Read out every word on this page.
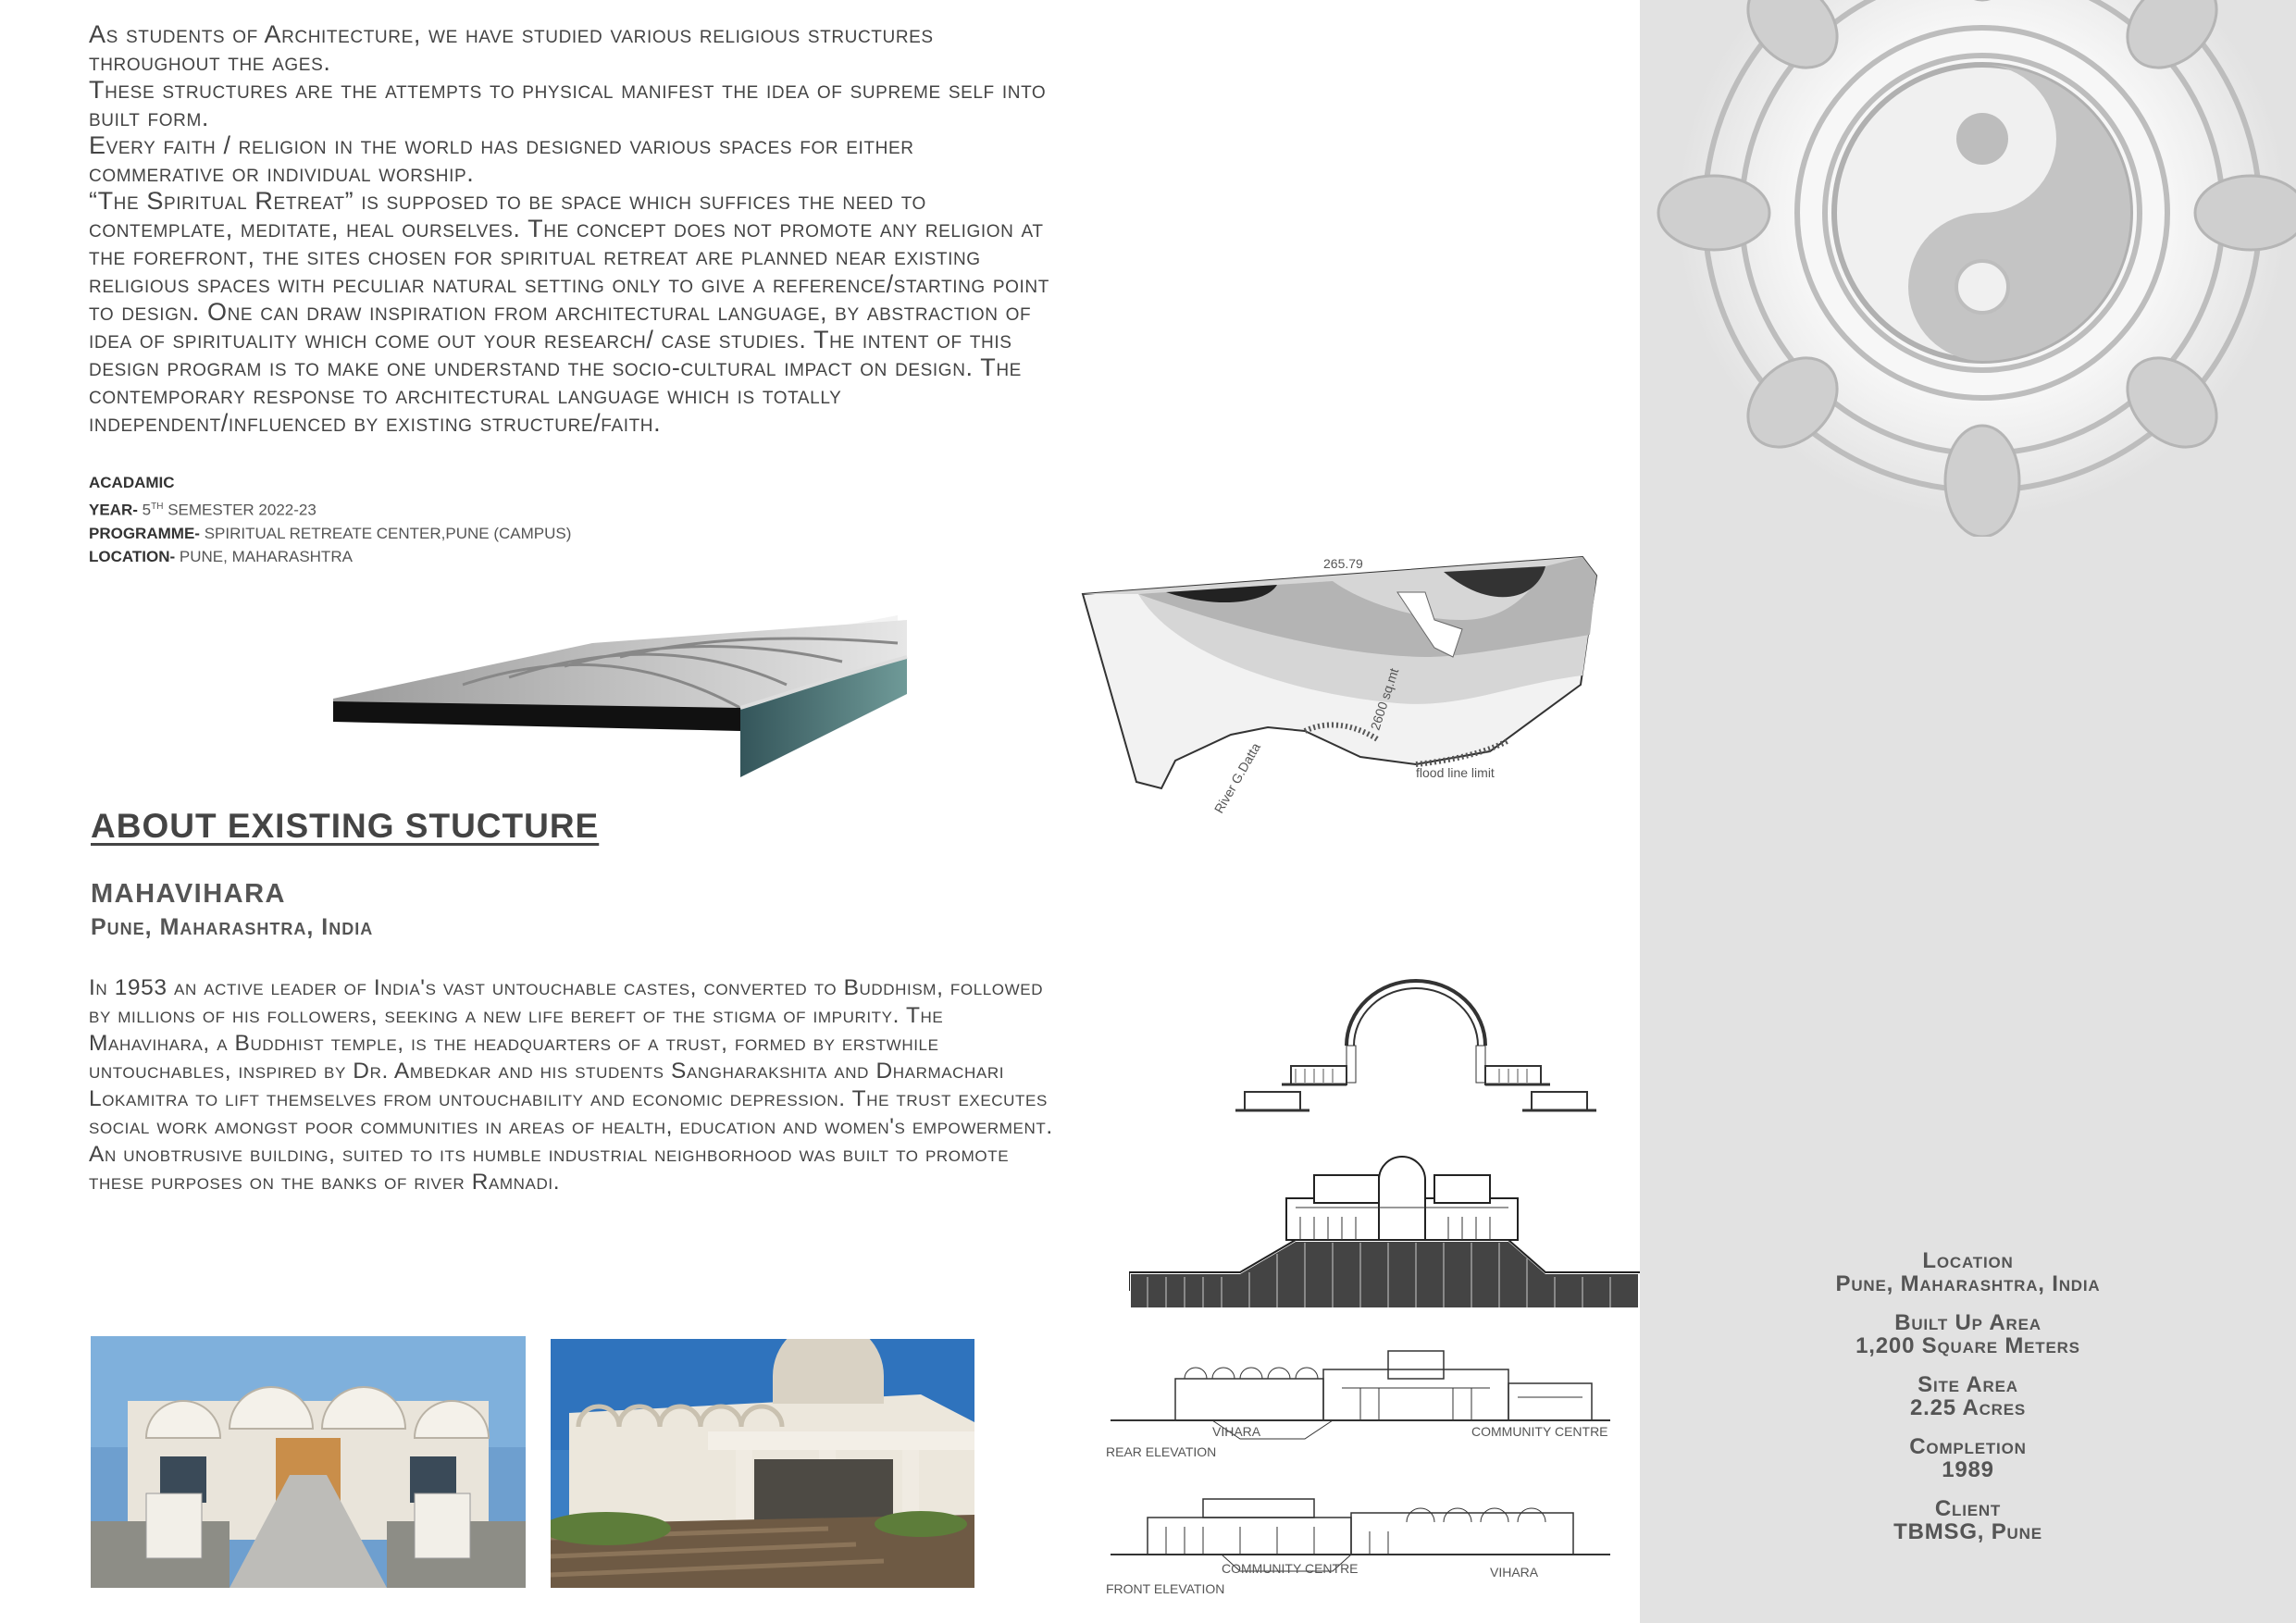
As students of Architecture, we have studied various religious structures throughout the ages.

These structures are the attempts to physical manifest the idea of supreme self into built form.

Every faith / religion in the world has designed various spaces for either commerative or individual worship.

“The Spiritual Retreat” is supposed to be space which suffices the need to contemplate, meditate, heal ourselves. The concept does not promote any religion at the forefront, the sites chosen for spiritual retreat are planned near existing religious spaces with peculiar natural setting only to give a reference/starting point to design. One can draw inspiration from architectural language, by abstraction of idea of spirituality which come out your research/ case studies. The intent of this design program is to make one understand the socio-cultural impact on design. The contemporary response to architectural language which is totally independent/influenced by existing structure/faith.

ACADAMIC
YEAR- 5TH SEMESTER 2022-23
PROGRAMME- SPIRITUAL RETREATE CENTER,PUNE (CAMPUS)
LOCATION- PUNE, MAHARASHTRA
2600 sq.mt
265.79
flood line limit
River G.Datta
ABOUT EXISTING STUCTURE
MAHAVIHARA
Pune, Maharashtra, India

In 1953 an active leader of India's vast untouchable castes, converted to Buddhism, followed by millions of his followers, seeking a new life bereft of the stigma of impurity. The Mahavihara, a Buddhist temple, is the headquarters of a trust, formed by erstwhile untouchables, inspired by Dr. Ambedkar and his students Sangharakshita and Dharmachari Lokamitra to lift themselves from untouchability and economic depression. The trust executes social work amongst poor communities in areas of health, education and women's empowerment. An unobtrusive building, suited to its humble industrial neighborhood was built to promote these purposes on the banks of river Ramnadi.

VIHARA	COMMUNITY CENTRE
REAR ELEVATION
COMMUNITY CENTRE	VIHARA
FRONT ELEVATION
Location
Pune, Maharashtra, India
Built Up Area
1,200 Square Meters
Site Area
2.25 Acres
Completion
1989
Client
TBMSG, Pune
